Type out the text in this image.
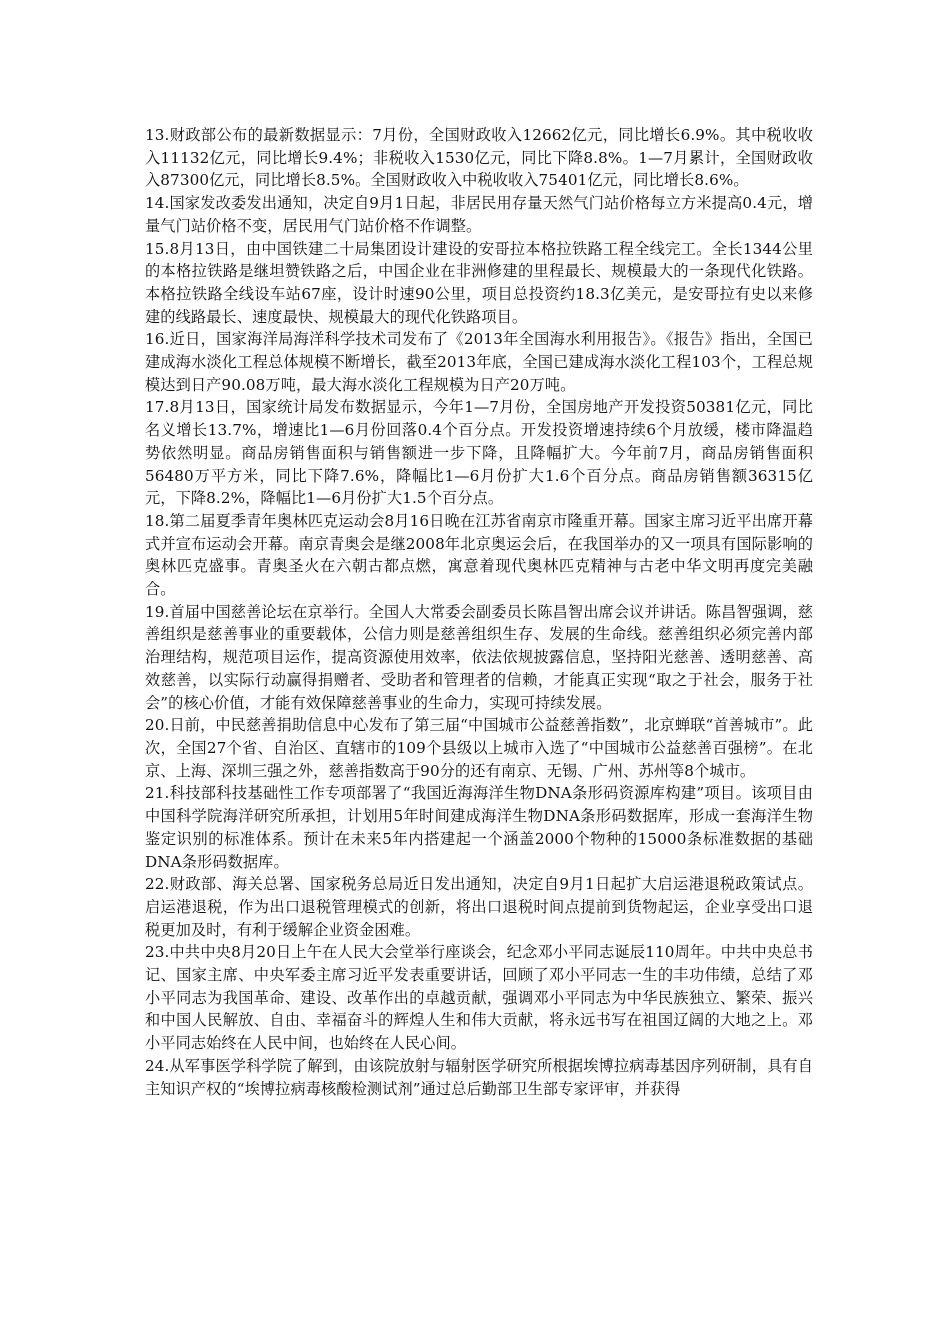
13.财政部公布的最新数据显示：7月份，全国财政收入12662亿元，同比增长6.9%。其中税收收入11132亿元，同比增长9.4%；非税收入1530亿元，同比下降8.8%。1—7月累计，全国财政收入87300亿元，同比增长8.5%。全国财政收入中税收收入75401亿元，同比增长8.6%。

14.国家发改委发出通知，决定自9月1日起，非居民用存量天然气门站价格每立方米提高0.4元，增量气门站价格不变，居民用气门站价格不作调整。

15.8月13日，由中国铁建二十局集团设计建设的安哥拉本格拉铁路工程全线完工。全长1344公里的本格拉铁路是继坦赞铁路之后，中国企业在非洲修建的里程最长、规模最大的一条现代化铁路。本格拉铁路全线设车站67座，设计时速90公里，项目总投资约18.3亿美元，是安哥拉有史以来修建的线路最长、速度最快、规模最大的现代化铁路项目。

16.近日，国家海洋局海洋科学技术司发布了《2013年全国海水利用报告》。《报告》指出，全国已建成海水淡化工程总体规模不断增长，截至2013年底，全国已建成海水淡化工程103个，工程总规模达到日产90.08万吨，最大海水淡化工程规模为日产20万吨。

17.8月13日，国家统计局发布数据显示，今年1—7月份，全国房地产开发投资50381亿元，同比名义增长13.7%，增速比1—6月份回落0.4个百分点。开发投资增速持续6个月放缓，楼市降温趋势依然明显。商品房销售面积与销售额进一步下降，且降幅扩大。今年前7月，商品房销售面积56480万平方米，同比下降7.6%，降幅比1—6月份扩大1.6个百分点。商品房销售额36315亿元，下降8.2%，降幅比1—6月份扩大1.5个百分点。

18.第二届夏季青年奥林匹克运动会8月16日晚在江苏省南京市隆重开幕。国家主席习近平出席开幕式并宣布运动会开幕。南京青奥会是继2008年北京奥运会后，在我国举办的又一项具有国际影响的奥林匹克盛事。青奥圣火在六朝古都点燃，寓意着现代奥林匹克精神与古老中华文明再度完美融合。

19.首届中国慈善论坛在京举行。全国人大常委会副委员长陈昌智出席会议并讲话。陈昌智强调，慈善组织是慈善事业的重要载体，公信力则是慈善组织生存、发展的生命线。慈善组织必须完善内部治理结构，规范项目运作，提高资源使用效率，依法依规披露信息，坚持阳光慈善、透明慈善、高效慈善，以实际行动赢得捐赠者、受助者和管理者的信赖，才能真正实现“取之于社会，服务于社会”的核心价值，才能有效保障慈善事业的生命力，实现可持续发展。

20.日前，中民慈善捐助信息中心发布了第三届“中国城市公益慈善指数”，北京蝉联“首善城市”。此次，全国27个省、自治区、直辖市的109个县级以上城市入选了“中国城市公益慈善百强榜”。在北京、上海、深圳三强之外，慈善指数高于90分的还有南京、无锡、广州、苏州等8个城市。

21.科技部科技基础性工作专项部署了“我国近海海洋生物DNA条形码资源库构建”项目。该项目由中国科学院海洋研究所承担，计划用5年时间建成海洋生物DNA条形码数据库，形成一套海洋生物鉴定识别的标准体系。预计在未来5年内搭建起一个涵盖2000个物种的15000条标准数据的基础DNA条形码数据库。

22.财政部、海关总署、国家税务总局近日发出通知，决定自9月1日起扩大启运港退税政策试点。启运港退税，作为出口退税管理模式的创新，将出口退税时间点提前到货物起运，企业享受出口退税更加及时，有利于缓解企业资金困难。

23.中共中央8月20日上午在人民大会堂举行座谈会，纪念邓小平同志诞辰110周年。中共中央总书记、国家主席、中央军委主席习近平发表重要讲话，回顾了邓小平同志一生的丰功伟绩，总结了邓小平同志为我国革命、建设、改革作出的卓越贡献，强调邓小平同志为中华民族独立、繁荣、振兴和中国人民解放、自由、幸福奋斗的辉煌人生和伟大贡献，将永远书写在祖国辽阔的大地之上。邓小平同志始终在人民中间，也始终在人民心间。

24.从军事医学科学院了解到，由该院放射与辐射医学研究所根据埃博拉病毒基因序列研制，具有自主知识产权的“埃博拉病毒核酸检测试剂”通过总后勤部卫生部专家评审，并获得
